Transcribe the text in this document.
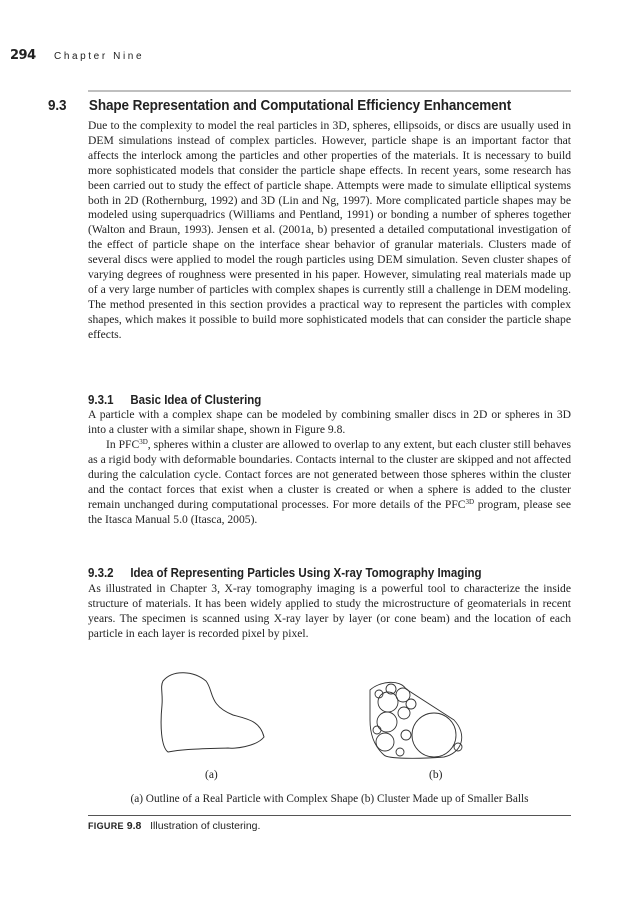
294 Chapter Nine
9.3 Shape Representation and Computational Efficiency Enhancement

Due to the complexity to model the real particles in 3D, spheres, ellipsoids, or discs are usually used in DEM simulations instead of complex particles. However, particle shape is an important factor that affects the interlock among the particles and other properties of the materials. It is necessary to build more sophisticated models that consider the particle shape effects. In recent years, some research has been carried out to study the effect of particle shape. Attempts were made to simulate elliptical systems both in 2D (Rothernburg, 1992) and 3D (Lin and Ng, 1997). More complicated particle shapes may be modeled using superquadrics (Williams and Pentland, 1991) or bonding a number of spheres together (Walton and Braun, 1993). Jensen et al. (2001a, b) presented a detailed computational investigation of the effect of particle shape on the interface shear behavior of granular materials. Clusters made of several discs were applied to model the rough particles using DEM simulation. Seven cluster shapes of varying degrees of roughness were presented in his paper. However, simulating real materials made up of a very large number of particles with complex shapes is currently still a challenge in DEM modeling. The method presented in this section provides a practical way to represent the particles with complex shapes, which makes it possible to build more sophisticated models that can consider the particle shape effects.

9.3.1 Basic Idea of Clustering

A particle with a complex shape can be modeled by combining smaller discs in 2D or spheres in 3D into a cluster with a similar shape, shown in Figure 9.8.

In $PFC^{3D}$, spheres within a cluster are allowed to overlap to any extent, but each cluster still behaves as a rigid body with deformable boundaries. Contacts internal to the cluster are skipped and not affected during the calculation cycle. Contact forces are not generated between those spheres within the cluster and the contact forces that exist when a cluster is created or when a sphere is added to the cluster remain unchanged during computational processes. For more details of the $PFC^{3D}$ program, please see the Itasca Manual 5.0 (Itasca, 2005).

9.3.2 Idea of Representing Particles Using X-ray Tomography Imaging

As illustrated in Chapter 3, X-ray tomography imaging is a powerful tool to characterize the inside structure of materials. It has been widely applied to study the microstructure of geomaterials in recent years. The specimen is scanned using X-ray layer by layer (or cone beam) and the location of each particle in each layer is recorded pixel by pixel.

(a)	(b)
(a) Outline of a Real Particle with Complex Shape (b) Cluster Made up of Smaller Balls
FIGURE 9.8 Illustration of clustering.
